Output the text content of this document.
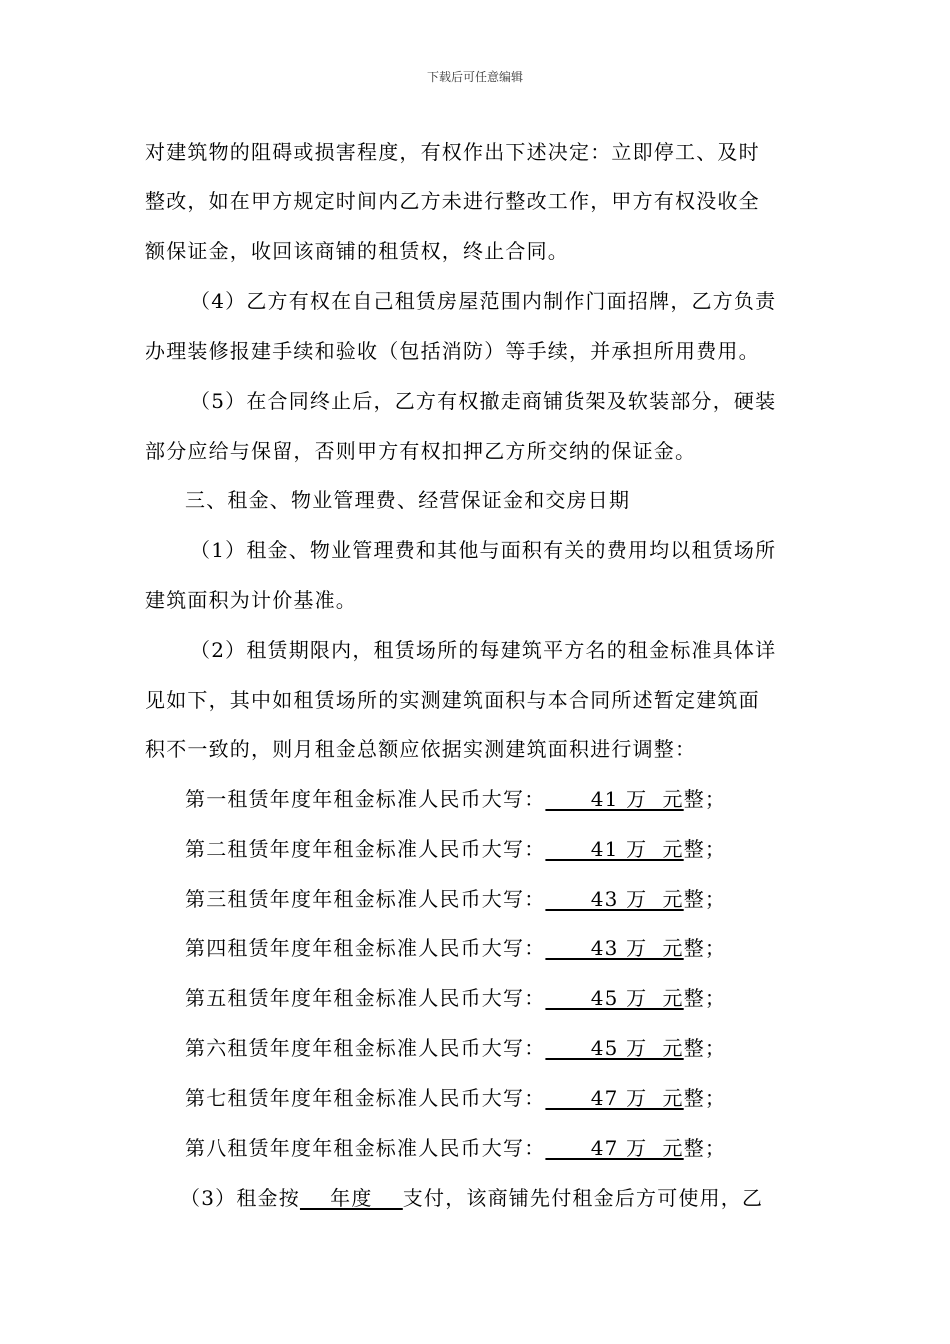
下载后可任意编辑
对建筑物的阻碍或损害程度，有权作出下述决定：立即停工、及时
整改，如在甲方规定时间内乙方未进行整改工作，甲方有权没收全
额保证金，收回该商铺的租赁权，终止合同。
（4）乙方有权在自己租赁房屋范围内制作门面招牌，乙方负责
办理装修报建手续和验收（包括消防）等手续，并承担所用费用。
（5）在合同终止后，乙方有权撤走商铺货架及软装部分，硬装
部分应给与保留，否则甲方有权扣押乙方所交纳的保证金。
三、租金、物业管理费、经营保证金和交房日期
（1）租金、物业管理费和其他与面积有关的费用均以租赁场所
建筑面积为计价基准。
（2）租赁期限内，租赁场所的每建筑平方名的租金标准具体详
见如下，其中如租赁场所的实测建筑面积与本合同所述暂定建筑面
积不一致的，则月租金总额应依据实测建筑面积进行调整：
第一租赁年度年租金标准人民币大写：      41 万  元整；
第二租赁年度年租金标准人民币大写：      41 万  元整；
第三租赁年度年租金标准人民币大写：      43 万  元整；
第四租赁年度年租金标准人民币大写：      43 万  元整；
第五租赁年度年租金标准人民币大写：      45 万  元整；
第六租赁年度年租金标准人民币大写：      45 万  元整；
第七租赁年度年租金标准人民币大写：      47 万  元整；
第八租赁年度年租金标准人民币大写：      47 万  元整；
（3）租金按    年度    支付，该商铺先付租金后方可使用，乙
